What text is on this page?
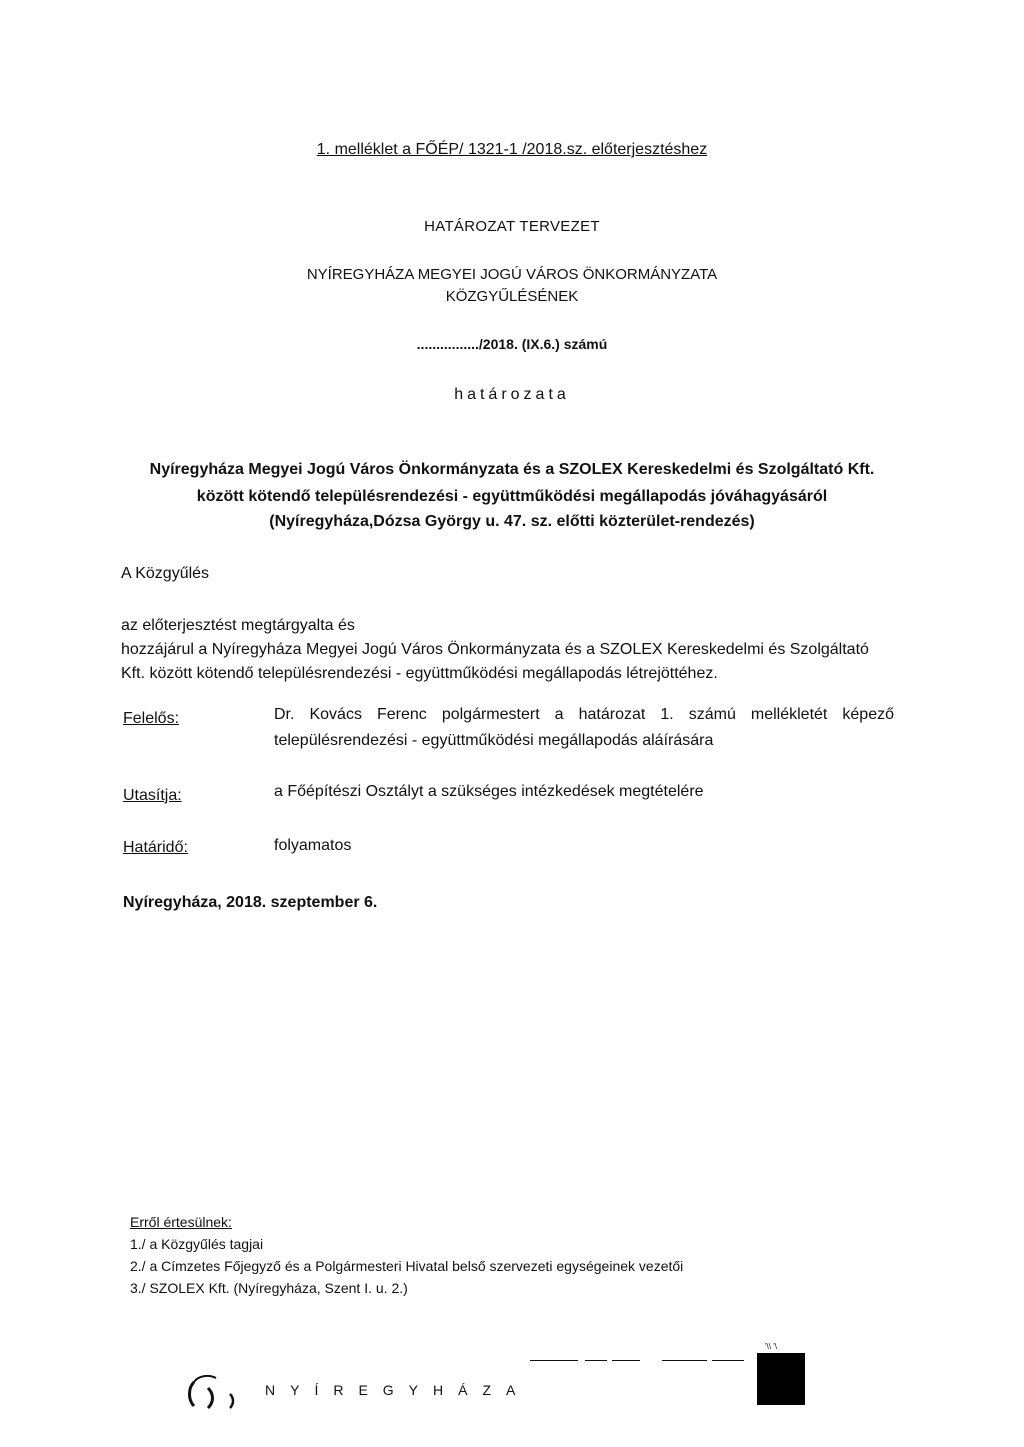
1. melléklet a FŐÉP/ 1321-1 /2018.sz. előterjesztéshez
HATÁROZAT TERVEZET
NYÍREGYHÁZA MEGYEI JOGÚ VÁROS ÖNKORMÁNYZATA
KÖZGYŰLÉSÉNEK
................/2018. (IX.6.) számú
határozata
Nyíregyháza Megyei Jogú Város Önkormányzata és a SZOLEX Kereskedelmi és Szolgáltató Kft.
között kötendő településrendezési - együttműködési megállapodás jóváhagyásáról
(Nyíregyháza,Dózsa György u. 47. sz. előtti közterület-rendezés)
A Közgyűlés
az előterjesztést megtárgyalta és
hozzájárul a Nyíregyháza Megyei Jogú Város Önkormányzata és a SZOLEX Kereskedelmi és Szolgáltató
Kft. között kötendő településrendezési - együttműködési megállapodás létrejöttéhez.
Felelős:	Dr. Kovács Ferenc polgármestert a határozat 1. számú mellékletét képező
településrendezési - együttműködési megállapodás aláírására
Utasítja:	a Főépítészi Osztályt a szükséges intézkedések megtételére
Határidő:	folyamatos
Nyíregyháza, 2018. szeptember 6.
Erről értesülnek:
1./ a Közgyűlés tagjai
2./ a Címzetes Főjegyző és a Polgármesteri Hivatal belső szervezeti egységeinek vezetői
3./ SZOLEX Kft. (Nyíregyháza, Szent I. u. 2.)
'\\ '\
NYÍREGYHÁZA
